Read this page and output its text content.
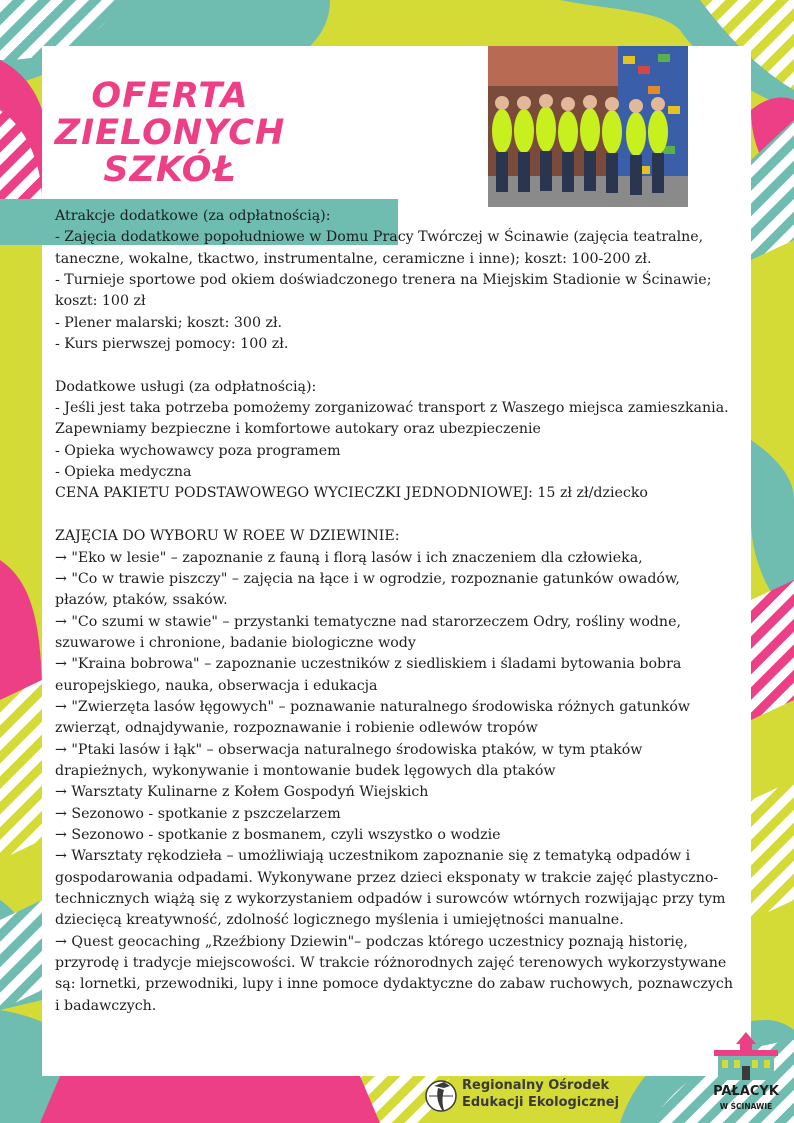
OFERTA
ZIELONYCH
SZKÓŁ

Atrakcje dodatkowe (za odpłatnością):

- Zajęcia dodatkowe popołudniowe w Domu Pracy Twórczej w Ścinawie (zajęcia teatralne, taneczne, wokalne, tkactwo, instrumentalne, ceramiczne i inne); koszt: 100-200 zł.

- Turnieje sportowe pod okiem doświadczonego trenera na Miejskim Stadionie w Ścinawie; koszt: 100 zł

- Plener malarski; koszt: 300 zł.

- Kurs pierwszej pomocy: 100 zł.

Dodatkowe usługi (za odpłatnością):

- Jeśli jest taka potrzeba pomożemy zorganizować transport z Waszego miejsca zamieszkania. Zapewniamy bezpieczne i komfortowe autokary oraz ubezpieczenie

- Opieka wychowawcy poza programem

- Opieka medyczna

CENA PAKIETU PODSTAWOWEGO WYCIECZKI JEDNODNIOWEJ: 15 zł zł/dziecko

ZAJĘCIA DO WYBORU W ROEE W DZIEWINIE:

→ "Eko w lesie" – zapoznanie z fauną i florą lasów i ich znaczeniem dla człowieka,

→ "Co w trawie piszczy" – zajęcia na łące i w ogrodzie, rozpoznanie gatunków owadów, płazów, ptaków, ssaków.

→ "Co szumi w stawie" – przystanki tematyczne nad starorzeczem Odry, rośliny wodne, szuwarowe i chronione, badanie biologiczne wody

→ "Kraina bobrowa" – zapoznanie uczestników z siedliskiem i śladami bytowania bobra europejskiego, nauka, obserwacja i edukacja

→ "Zwierzęta lasów łęgowych" – poznawanie naturalnego środowiska różnych gatunków zwierząt, odnajdywanie, rozpoznawanie i robienie odlewów tropów

→ "Ptaki lasów i łąk" – obserwacja naturalnego środowiska ptaków, w tym ptaków drapieżnych, wykonywanie i montowanie budek lęgowych dla ptaków

→ Warsztaty Kulinarne z Kołem Gospodyń Wiejskich

→ Sezonowo - spotkanie z pszczelarzem

→ Sezonowo - spotkanie z bosmanem, czyli wszystko o wodzie

→ Warsztaty rękodzieła – umożliwiają uczestnikom zapoznanie się z tematyką odpadów i gospodarowania odpadami. Wykonywane przez dzieci eksponaty w trakcie zajęć plastyczno-technicznych wiążą się z wykorzystaniem odpadów i surowców wtórnych rozwijając przy tym dziecięcą kreatywność, zdolność logicznego myślenia i umiejętności manualne.

→ Quest geocaching „Rzeźbiony Dziewin"– podczas którego uczestnicy poznają historię, przyrodę i tradycje miejscowości. W trakcie różnorodnych zajęć terenowych wykorzystywane są: lornetki, przewodniki, lupy i inne pomoce dydaktyczne do zabaw ruchowych, poznawczych i badawczych.

Regionalny Ośrodek
Edukacji Ekologicznej
PAŁACYK
W ŚCINAWIE
